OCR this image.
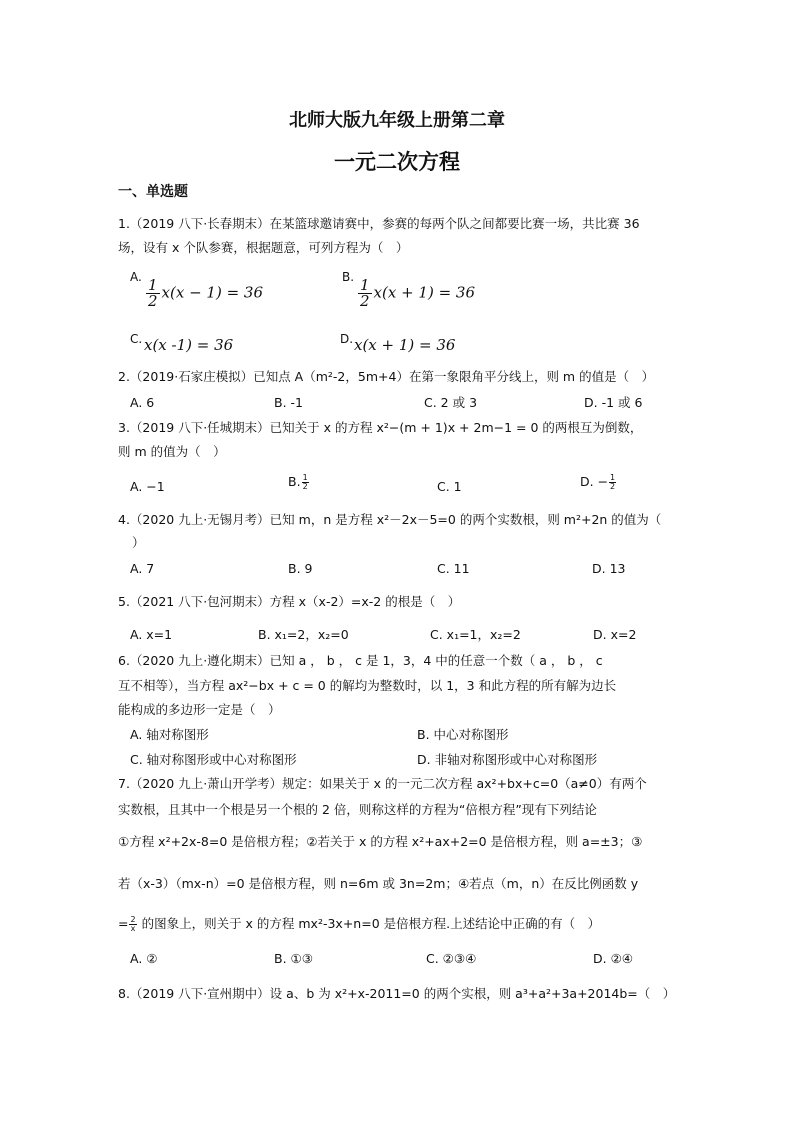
北师大版九年级上册第二章
一元二次方程
一、单选题
1.（2019 八下·长春期末）在某篮球邀请赛中，参赛的每两个队之间都要比赛一场，共比赛 36
场，设有 x 个队参赛，根据题意，可列方程为（　）
A.
$\frac{1}{2} x(x - 1) = 36$
B.
$\frac{1}{2} x(x + 1) = 36$
C. x(x -1) = 36	D. x(x + 1) = 36
2.（2019·石家庄模拟）已知点 A（m²-2，5m+4）在第一象限角平分线上，则 m 的值是（　）
A. 6	B. -1	C. 2 或 3	D. -1 或 6
3.（2019 八下·任城期末）已知关于 x 的方程 x²−(m + 1)x + 2m−1 = 0 的两根互为倒数，
则 m 的值为（　）
A. −1	B. $\frac{1}{2}$	C. 1	D. − $\frac{1}{2}$
4.（2020 九上·无锡月考）已知 m，n 是方程 x²－2x－5=0 的两个实数根，则 m²+2n 的值为（
）
A. 7	B. 9	C. 11	D. 13
5.（2021 八下·包河期末）方程 x（x-2）=x-2 的根是（　）
A. x=1	B. x₁=2，x₂=0	C. x₁=1，x₂=2	D. x=2
6.（2020 九上·遵化期末）已知 a ， b ， c 是 1，3，4 中的任意一个数（ a ， b ， c
互不相等），当方程 ax²−bx + c = 0 的解均为整数时，以 1，3 和此方程的所有解为边长
能构成的多边形一定是（　）
A. 轴对称图形	B. 中心对称图形
C. 轴对称图形或中心对称图形	D. 非轴对称图形或中心对称图形
7.（2020 九上·萧山开学考）规定：如果关于 x 的一元二次方程 ax²+bx+c=0（a≠0）有两个
实数根，且其中一个根是另一个根的 2 倍，则称这样的方程为“倍根方程”现有下列结论
①方程 x²+2x-8=0 是倍根方程；②若关于 x 的方程 x²+ax+2=0 是倍根方程，则 a=±3；③
若（x-3）（mx-n）=0 是倍根方程，则 n=6m 或 3n=2m；④若点（m，n）在反比例函数 y
= $\frac{2}{x}$ 的图象上，则关于 x 的方程 mx²-3x+n=0 是倍根方程.上述结论中正确的有（　）
A. ②	B. ①③	C. ②③④	D. ②④
8.（2019 八下·宣州期中）设 a、b 为 x²+x-2011=0 的两个实根，则 a³+a²+3a+2014b=（　）
